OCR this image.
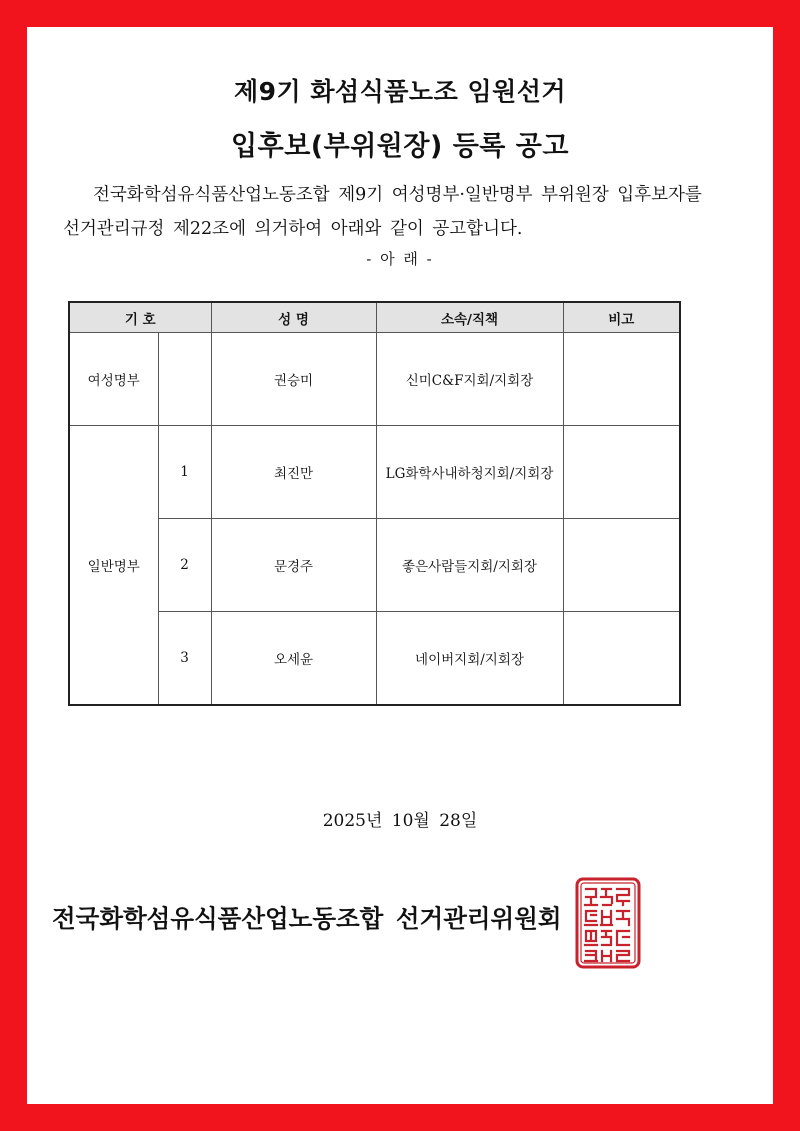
제9기 화섬식품노조 임원선거
입후보(부위원장) 등록 공고
전국화학섬유식품산업노동조합 제9기 여성명부·일반명부 부위원장 입후보자를
선거관리규정 제22조에 의거하여 아래와 같이 공고합니다.
- 아 래 -
기 호		성 명	소속/직책	비고
여성명부		권승미	신미C&F지회/지회장	
일반명부	1	최진만	LG화학사내하청지회/지회장	
	2	문경주	좋은사람들지회/지회장	
	3	오세윤	네이버지회/지회장	
2025년 10월 28일
전국화학섬유식품산업노동조합 선거관리위원회
